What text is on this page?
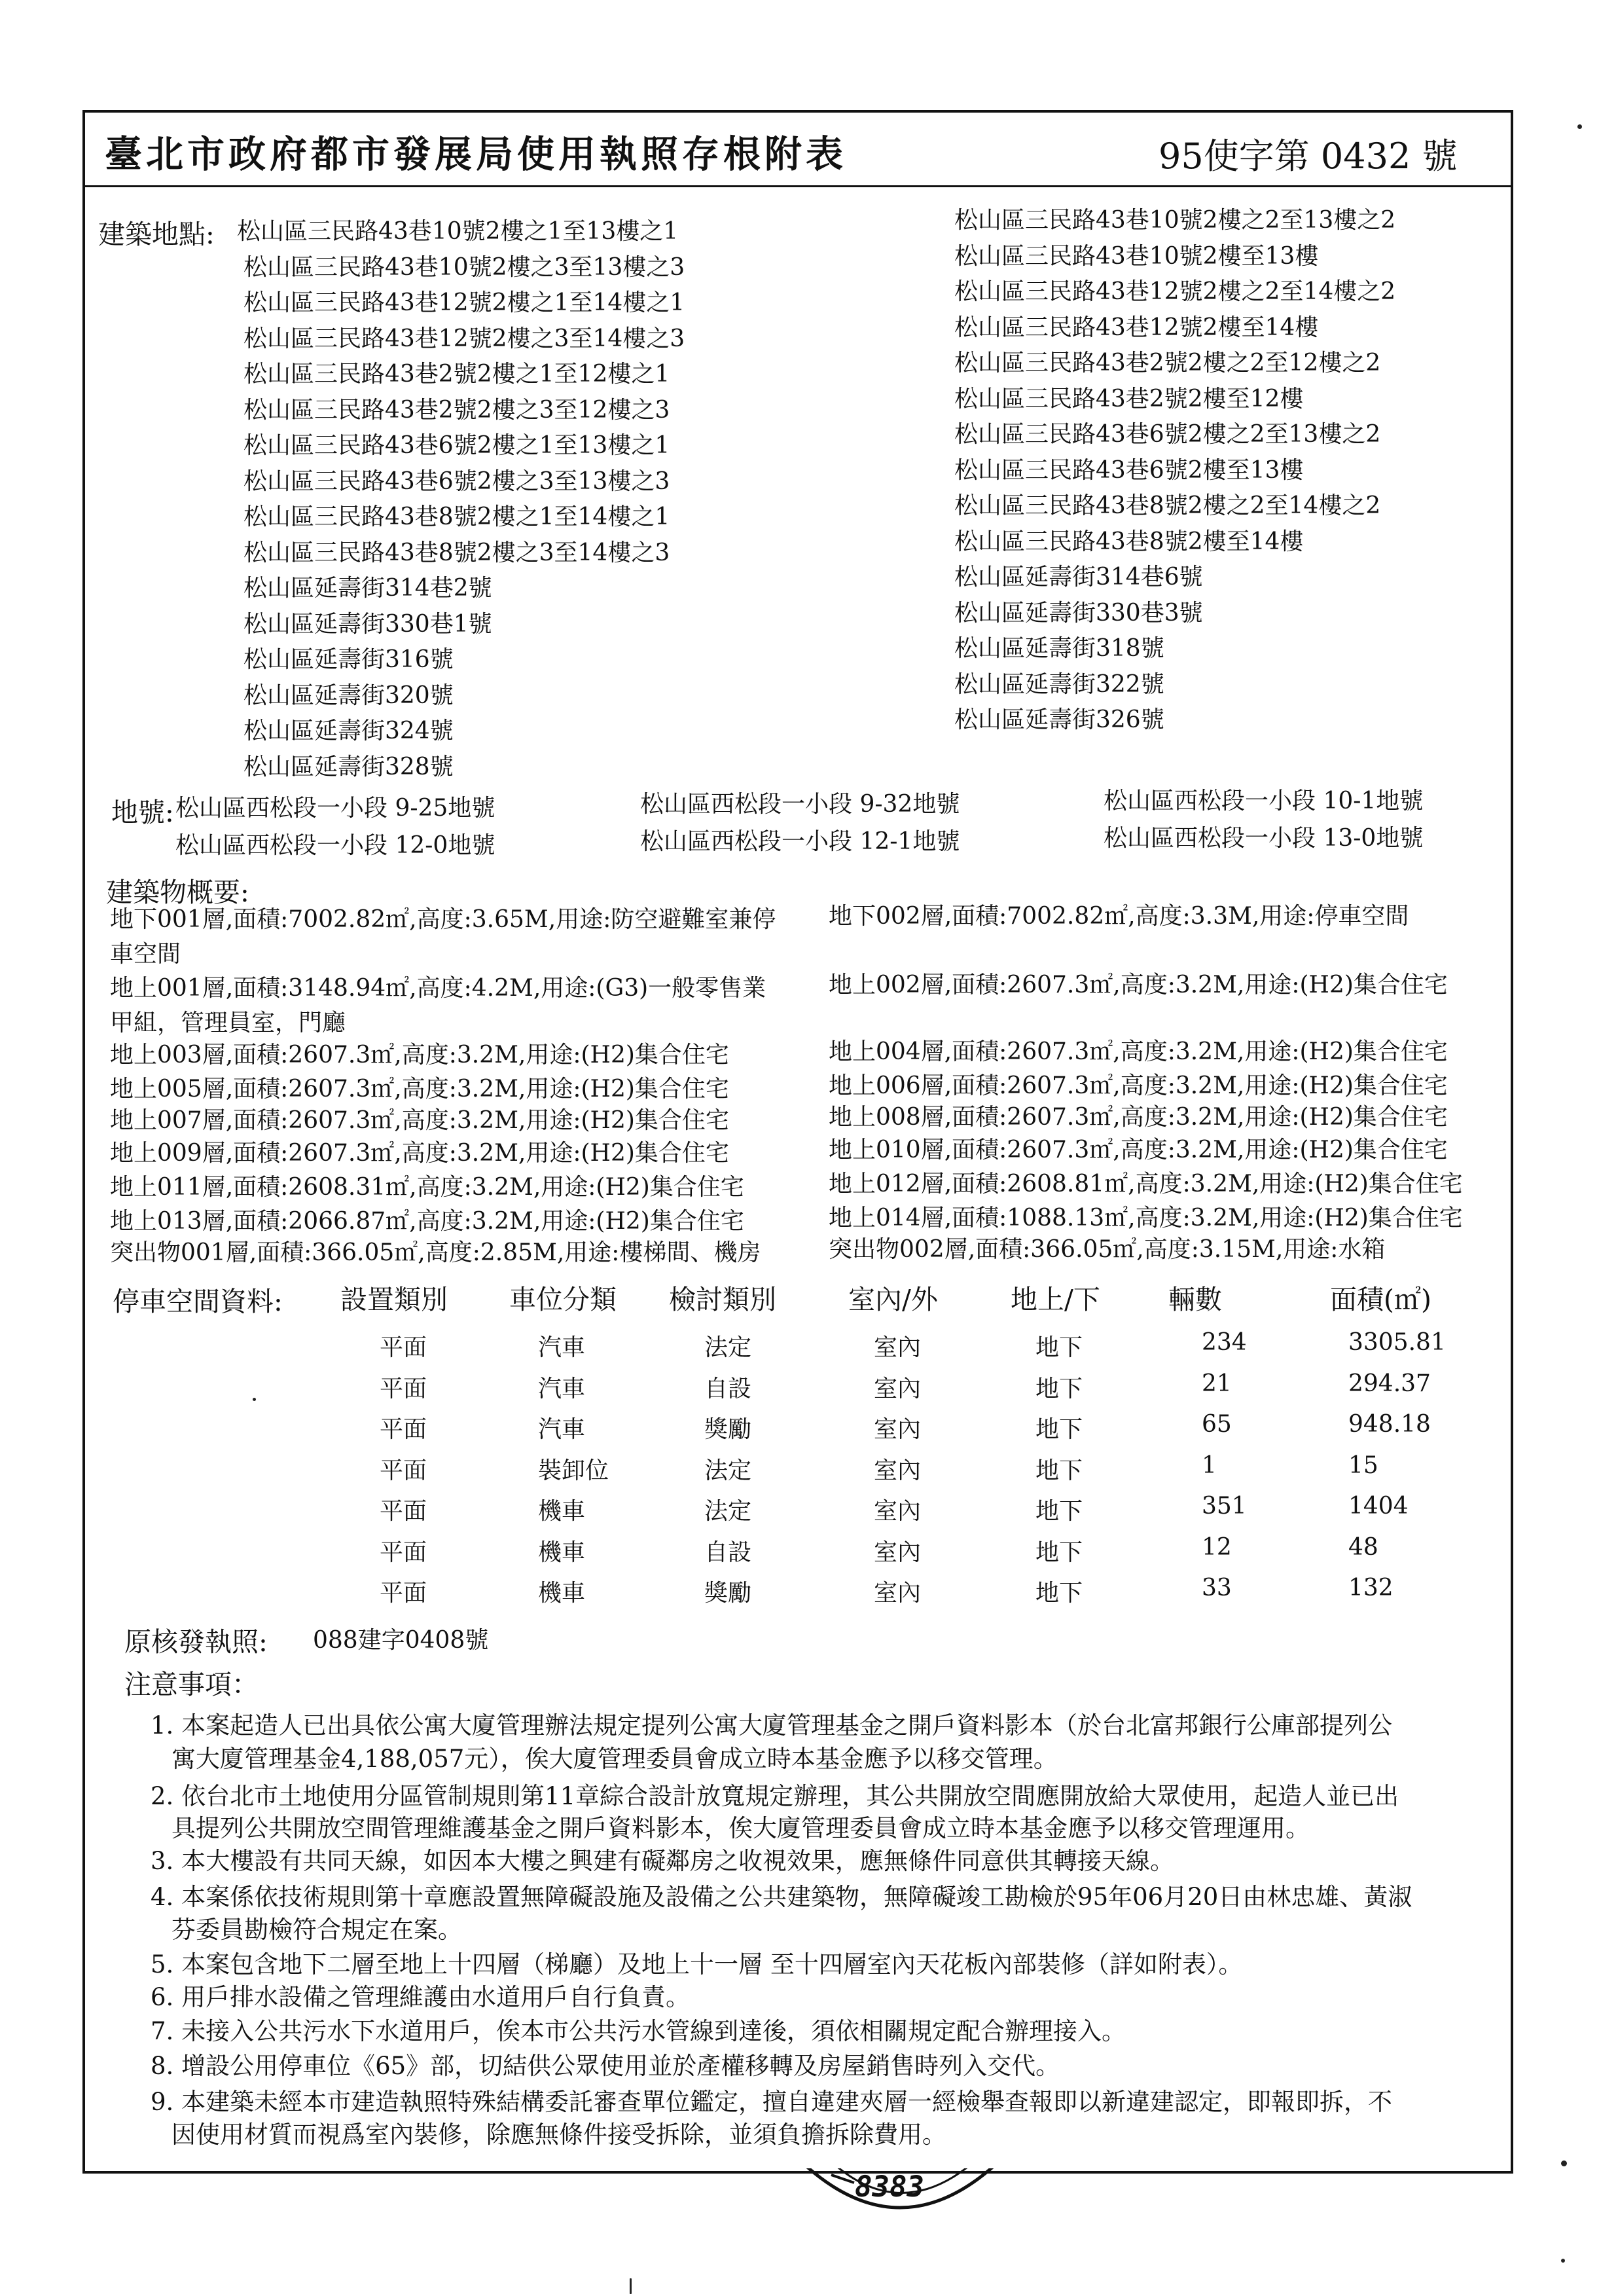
臺北市政府都市發展局使用執照存根附表	95使字第 0432 號
建築地點: 松山區三民路43巷10號2樓之1至13樓之1
松山區三民路43巷10號2樓之3至13樓之3
松山區三民路43巷12號2樓之1至14樓之1
松山區三民路43巷12號2樓之3至14樓之3
松山區三民路43巷2號2樓之1至12樓之1
松山區三民路43巷2號2樓之3至12樓之3
松山區三民路43巷6號2樓之1至13樓之1
松山區三民路43巷6號2樓之3至13樓之3
松山區三民路43巷8號2樓之1至14樓之1
松山區三民路43巷8號2樓之3至14樓之3
松山區延壽街314巷2號
松山區延壽街330巷1號
松山區延壽街316號
松山區延壽街320號
松山區延壽街324號
松山區延壽街328號
松山區三民路43巷10號2樓之2至13樓之2
松山區三民路43巷10號2樓至13樓
松山區三民路43巷12號2樓之2至14樓之2
松山區三民路43巷12號2樓至14樓
松山區三民路43巷2號2樓之2至12樓之2
松山區三民路43巷2號2樓至12樓
松山區三民路43巷6號2樓之2至13樓之2
松山區三民路43巷6號2樓至13樓
松山區三民路43巷8號2樓之2至14樓之2
松山區三民路43巷8號2樓至14樓
松山區延壽街314巷6號
松山區延壽街330巷3號
松山區延壽街318號
松山區延壽街322號
松山區延壽街326號
地號: 松山區西松段一小段 9-25地號	松山區西松段一小段 9-32地號	松山區西松段一小段 10-1地號
松山區西松段一小段 12-0地號	松山區西松段一小段 12-1地號	松山區西松段一小段 13-0地號
建築物概要:
地下001層,面積:7002.82㎡,高度:3.65M,用途:防空避難室兼停 地下002層,面積:7002.82㎡,高度:3.3M,用途:停車空間
車空間
地上001層,面積:3148.94㎡,高度:4.2M,用途:(G3)一般零售業	地上002層,面積:2607.3㎡,高度:3.2M,用途:(H2)集合住宅
甲組，管理員室，門廳
地上003層,面積:2607.3㎡,高度:3.2M,用途:(H2)集合住宅	地上004層,面積:2607.3㎡,高度:3.2M,用途:(H2)集合住宅
地上005層,面積:2607.3㎡,高度:3.2M,用途:(H2)集合住宅	地上006層,面積:2607.3㎡,高度:3.2M,用途:(H2)集合住宅
地上007層,面積:2607.3㎡,高度:3.2M,用途:(H2)集合住宅	地上008層,面積:2607.3㎡,高度:3.2M,用途:(H2)集合住宅
地上009層,面積:2607.3㎡,高度:3.2M,用途:(H2)集合住宅	地上010層,面積:2607.3㎡,高度:3.2M,用途:(H2)集合住宅
地上011層,面積:2608.31㎡,高度:3.2M,用途:(H2)集合住宅	地上012層,面積:2608.81㎡,高度:3.2M,用途:(H2)集合住宅
地上013層,面積:2066.87㎡,高度:3.2M,用途:(H2)集合住宅	地上014層,面積:1088.13㎡,高度:3.2M,用途:(H2)集合住宅
突出物001層,面積:366.05㎡,高度:2.85M,用途:樓梯間、機房	突出物002層,面積:366.05㎡,高度:3.15M,用途:水箱
停車空間資料: 設置類別 車位分類 檢討類別	室內/外	地上/下	輛數	面積(㎡)
平面	汽車	法定	室內	地下	234	3305.81
平面	汽車	自設	室內	地下	21	294.37
平面	汽車	獎勵	室內	地下	65	948.18
平面	裝卸位	法定	室內	地下	1	15
平面	機車	法定	室內	地下	351	1404
平面	機車	自設	室內	地下	12	48
平面	機車	獎勵	室內	地下	33	132
原核發執照: 088建字0408號
注意事項：
1. 本案起造人已出具依公寓大廈管理辦法規定提列公寓大廈管理基金之開戶資料影本（於台北富邦銀行公庫部提列公
寓大廈管理基金4,188,057元），俟大廈管理委員會成立時本基金應予以移交管理。
2. 依台北市土地使用分區管制規則第11章綜合設計放寬規定辦理，其公共開放空間應開放給大眾使用，起造人並已出
具提列公共開放空間管理維護基金之開戶資料影本，俟大廈管理委員會成立時本基金應予以移交管理運用。
3. 本大樓設有共同天線，如因本大樓之興建有礙鄰房之收視效果，應無條件同意供其轉接天線。
4. 本案係依技術規則第十章應設置無障礙設施及設備之公共建築物，無障礙竣工勘檢於95年06月20日由林忠雄、黃淑
芬委員勘檢符合規定在案。
5. 本案包含地下二層至地上十四層（梯廳）及地上十一層 至十四層室內天花板內部裝修（詳如附表）。
6. 用戶排水設備之管理維護由水道用戶自行負責。
7. 未接入公共污水下水道用戶，俟本市公共污水管線到達後，須依相關規定配合辦理接入。
8. 增設公用停車位《65》部，切結供公眾使用並於產權移轉及房屋銷售時列入交代。
9. 本建築未經本市建造執照特殊結構委託審查單位鑑定，擅自違建夾層一經檢舉查報即以新違建認定，即報即拆，不
因使用材質而視爲室內裝修，除應無條件接受拆除，並須負擔拆除費用。
8383
